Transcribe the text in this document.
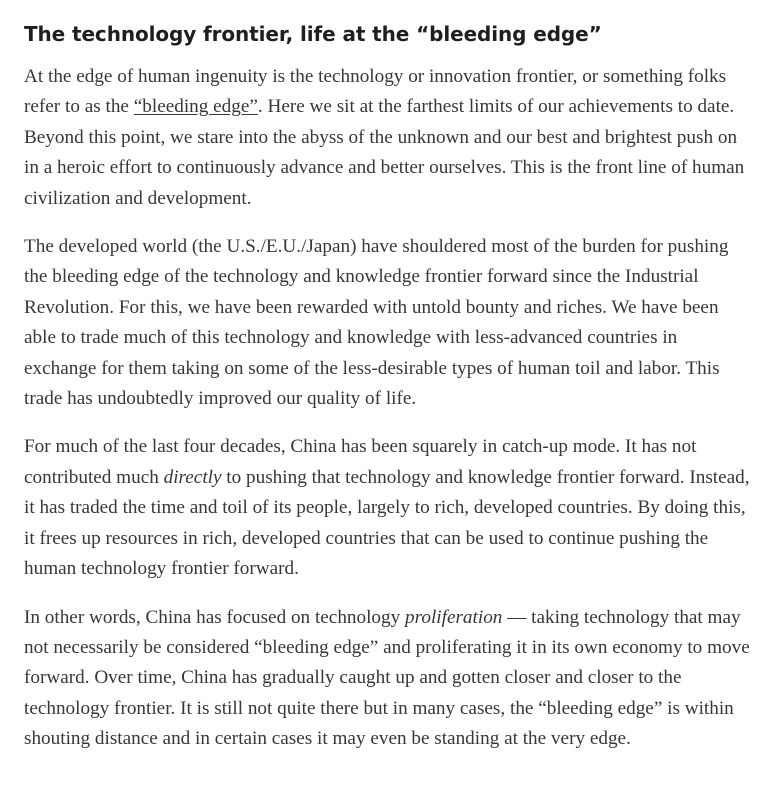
The technology frontier, life at the “bleeding edge”

At the edge of human ingenuity is the technology or innovation frontier, or something folks refer to as the “bleeding edge”. Here we sit at the farthest limits of our achievements to date. Beyond this point, we stare into the abyss of the unknown and our best and brightest push on in a heroic effort to continuously advance and better ourselves. This is the front line of human civilization and development.

The developed world (the U.S./E.U./Japan) have shouldered most of the burden for pushing the bleeding edge of the technology and knowledge frontier forward since the Industrial Revolution. For this, we have been rewarded with untold bounty and riches. We have been able to trade much of this technology and knowledge with less-advanced countries in exchange for them taking on some of the less-desirable types of human toil and labor. This trade has undoubtedly improved our quality of life.

For much of the last four decades, China has been squarely in catch-up mode. It has not contributed much directly to pushing that technology and knowledge frontier forward. Instead, it has traded the time and toil of its people, largely to rich, developed countries. By doing this, it frees up resources in rich, developed countries that can be used to continue pushing the human technology frontier forward.

In other words, China has focused on technology proliferation — taking technology that may not necessarily be considered “bleeding edge” and proliferating it in its own economy to move forward. Over time, China has gradually caught up and gotten closer and closer to the technology frontier. It is still not quite there but in many cases, the “bleeding edge” is within shouting distance and in certain cases it may even be standing at the very edge.
